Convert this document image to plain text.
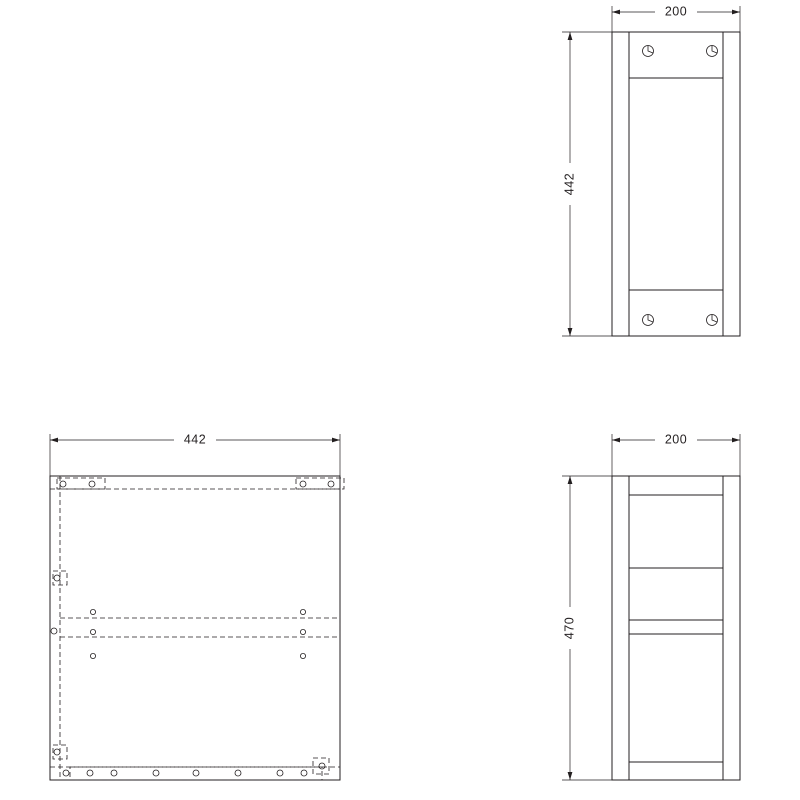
200
442
442	200
470
